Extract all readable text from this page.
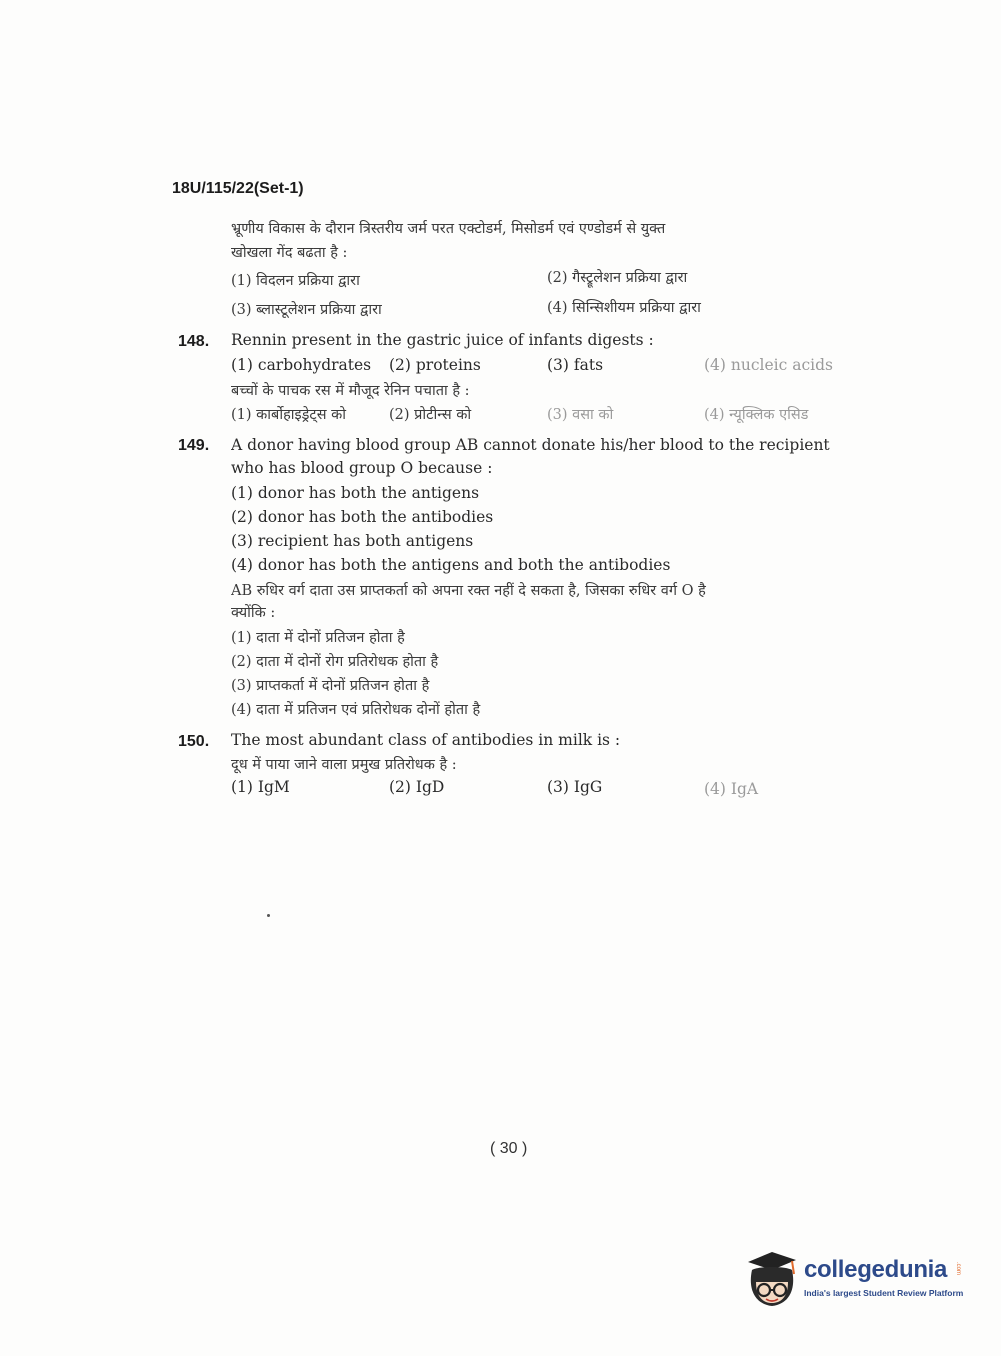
18U/115/22(Set-1)
भ्रूणीय विकास के दौरान त्रिस्तरीय जर्म परत एक्टोडर्म, मिसोडर्म एवं एण्डोडर्म से युक्त
खोखला गेंद बढता है :
(1) विदलन प्रक्रिया द्वारा	(2) गैस्ट्रूलेशन प्रक्रिया द्वारा
(3) ब्लास्टूलेशन प्रक्रिया द्वारा	(4) सिन्सिशीयम प्रक्रिया द्वारा
148. Rennin present in the gastric juice of infants digests :
(1) carbohydrates (2) proteins	(3) fats	(4) nucleic acids
बच्चों के पाचक रस में मौजूद रेनिन पचाता है :
(1) कार्बोहाइड्रेट्स को	(2) प्रोटीन्स को	(3) वसा को	(4) न्यूक्लिक एसिड
149. A donor having blood group AB cannot donate his/her blood to the recipient
who has blood group O because :
(1) donor has both the antigens
(2) donor has both the antibodies
(3) recipient has both antigens
(4) donor has both the antigens and both the antibodies
AB रुधिर वर्ग दाता उस प्राप्तकर्ता को अपना रक्त नहीं दे सकता है, जिसका रुधिर वर्ग O है
क्योंकि :
(1) दाता में दोनों प्रतिजन होता है
(2) दाता में दोनों रोग प्रतिरोधक होता है
(3) प्राप्तकर्ता में दोनों प्रतिजन होता है
(4) दाता में प्रतिजन एवं प्रतिरोधक दोनों होता है
150. The most abundant class of antibodies in milk is :
दूध में पाया जाने वाला प्रमुख प्रतिरोधक है :
(1) IgM	(2) IgD	(3) IgG	(4) IgA
( 30 )
collegedunia .com
India's largest Student Review Platform
